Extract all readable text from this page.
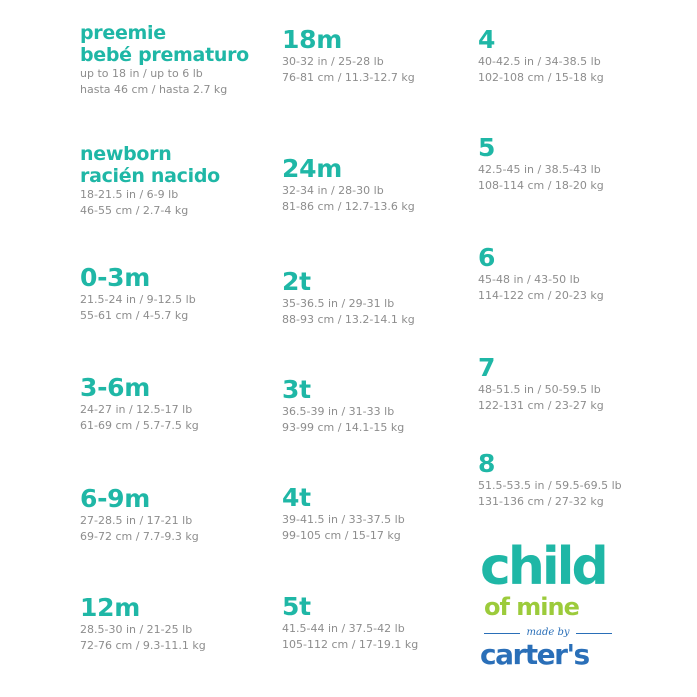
preemie
bebé prematuro
up to 18 in / up to 6 lb
hasta 46 cm / hasta 2.7 kg
newborn
racién nacido
18-21.5 in / 6-9 lb
46-55 cm / 2.7-4 kg
0-3m
21.5-24 in / 9-12.5 lb
55-61 cm / 4-5.7 kg
3-6m
24-27 in / 12.5-17 lb
61-69 cm / 5.7-7.5 kg
6-9m
27-28.5 in / 17-21 lb
69-72 cm / 7.7-9.3 kg
12m
28.5-30 in / 21-25 lb
72-76 cm / 9.3-11.1 kg
18m
30-32 in / 25-28 lb
76-81 cm / 11.3-12.7 kg
24m
32-34 in / 28-30 lb
81-86 cm / 12.7-13.6 kg
2t
35-36.5 in / 29-31 lb
88-93 cm / 13.2-14.1 kg
3t
36.5-39 in / 31-33 lb
93-99 cm / 14.1-15 kg
4t
39-41.5 in / 33-37.5 lb
99-105 cm / 15-17 kg
5t
41.5-44 in / 37.5-42 lb
105-112 cm / 17-19.1 kg
4
40-42.5 in / 34-38.5 lb
102-108 cm / 15-18 kg
5
42.5-45 in / 38.5-43 lb
108-114 cm / 18-20 kg
6
45-48 in / 43-50 lb
114-122 cm / 20-23 kg
7
48-51.5 in / 50-59.5 lb
122-131 cm / 23-27 kg
8
51.5-53.5 in / 59.5-69.5 lb
131-136 cm / 27-32 kg
child
of mine
made by
carter's
